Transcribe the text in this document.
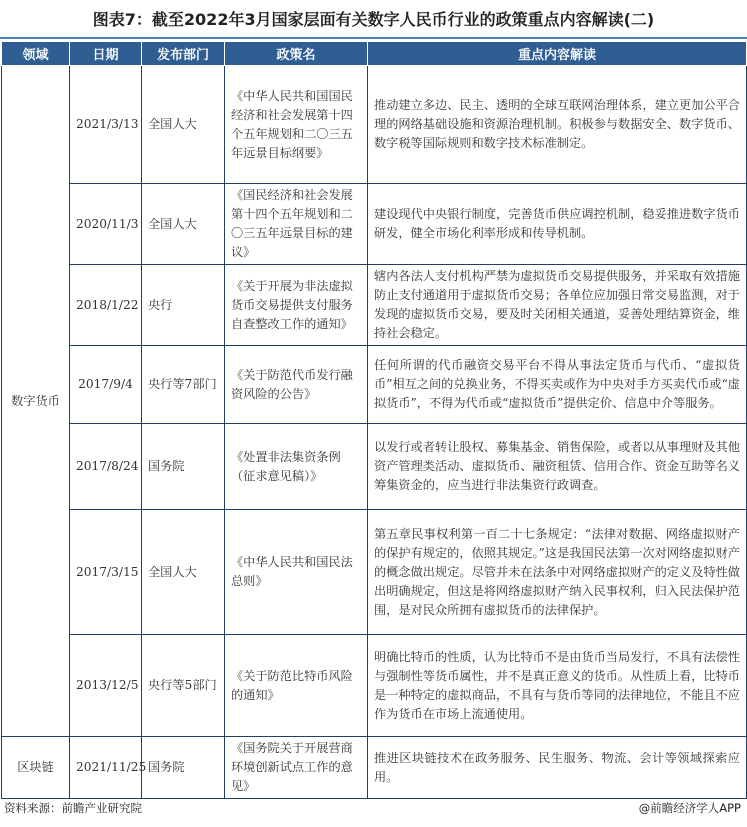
图表7：截至2022年3月国家层面有关数字人民币行业的政策重点内容解读(二)
领域	日期	发布部门	政策名	重点内容解读
数字货币	2021/3/13	全国人大	《中华人民共和国国民经济和社会发展第十四个五年规划和二〇三五年远景目标纲要》	推动建立多边、民主、透明的全球互联网治理体系，建立更加公平合理的网络基础设施和资源治理机制。积极参与数据安全、数字货币、数字税等国际规则和数字技术标准制定。
	2020/11/3	全国人大	《国民经济和社会发展第十四个五年规划和二〇三五年远景目标的建议》	建设现代中央银行制度，完善货币供应调控机制，稳妥推进数字货币研发，健全市场化利率形成和传导机制。
	2018/1/22	央行	《关于开展为非法虚拟货币交易提供支付服务自查整改工作的通知》	辖内各法人支付机构严禁为虚拟货币交易提供服务，并采取有效措施防止支付通道用于虚拟货币交易；各单位应加强日常交易监测，对于发现的虚拟货币交易，要及时关闭相关通道，妥善处理结算资金，维持社会稳定。
	2017/9/4	央行等7部门	《关于防范代币发行融资风险的公告》	任何所谓的代币融资交易平台不得从事法定货币与代币、“虚拟货币”相互之间的兑换业务，不得买卖或作为中央对手方买卖代币或“虚拟货币”，不得为代币或“虚拟货币”提供定价、信息中介等服务。
	2017/8/24	国务院	《处置非法集资条例（征求意见稿）》	以发行或者转让股权、募集基金、销售保险，或者以从事理财及其他资产管理类活动、虚拟货币、融资租赁、信用合作、资金互助等名义筹集资金的，应当进行非法集资行政调查。
	2017/3/15	全国人大	《中华人民共和国民法总则》	第五章民事权利第一百二十七条规定：“法律对数据、网络虚拟财产的保护有规定的，依照其规定。”这是我国民法第一次对网络虚拟财产的概念做出规定。尽管并未在法条中对网络虚拟财产的定义及特性做出明确规定，但这是将网络虚拟财产纳入民事权利，归入民法保护范围，是对民众所拥有虚拟货币的法律保护。
	2013/12/5	央行等5部门	《关于防范比特币风险的通知》	明确比特币的性质，认为比特币不是由货币当局发行，不具有法偿性与强制性等货币属性，并不是真正意义的货币。从性质上看，比特币是一种特定的虚拟商品，不具有与货币等同的法律地位，不能且不应作为货币在市场上流通使用。
区块链	2021/11/25	国务院	《国务院关于开展营商环境创新试点工作的意见》	推进区块链技术在政务服务、民生服务、物流、会计等领域探索应用。
资料来源：前瞻产业研究院	@前瞻经济学人APP
